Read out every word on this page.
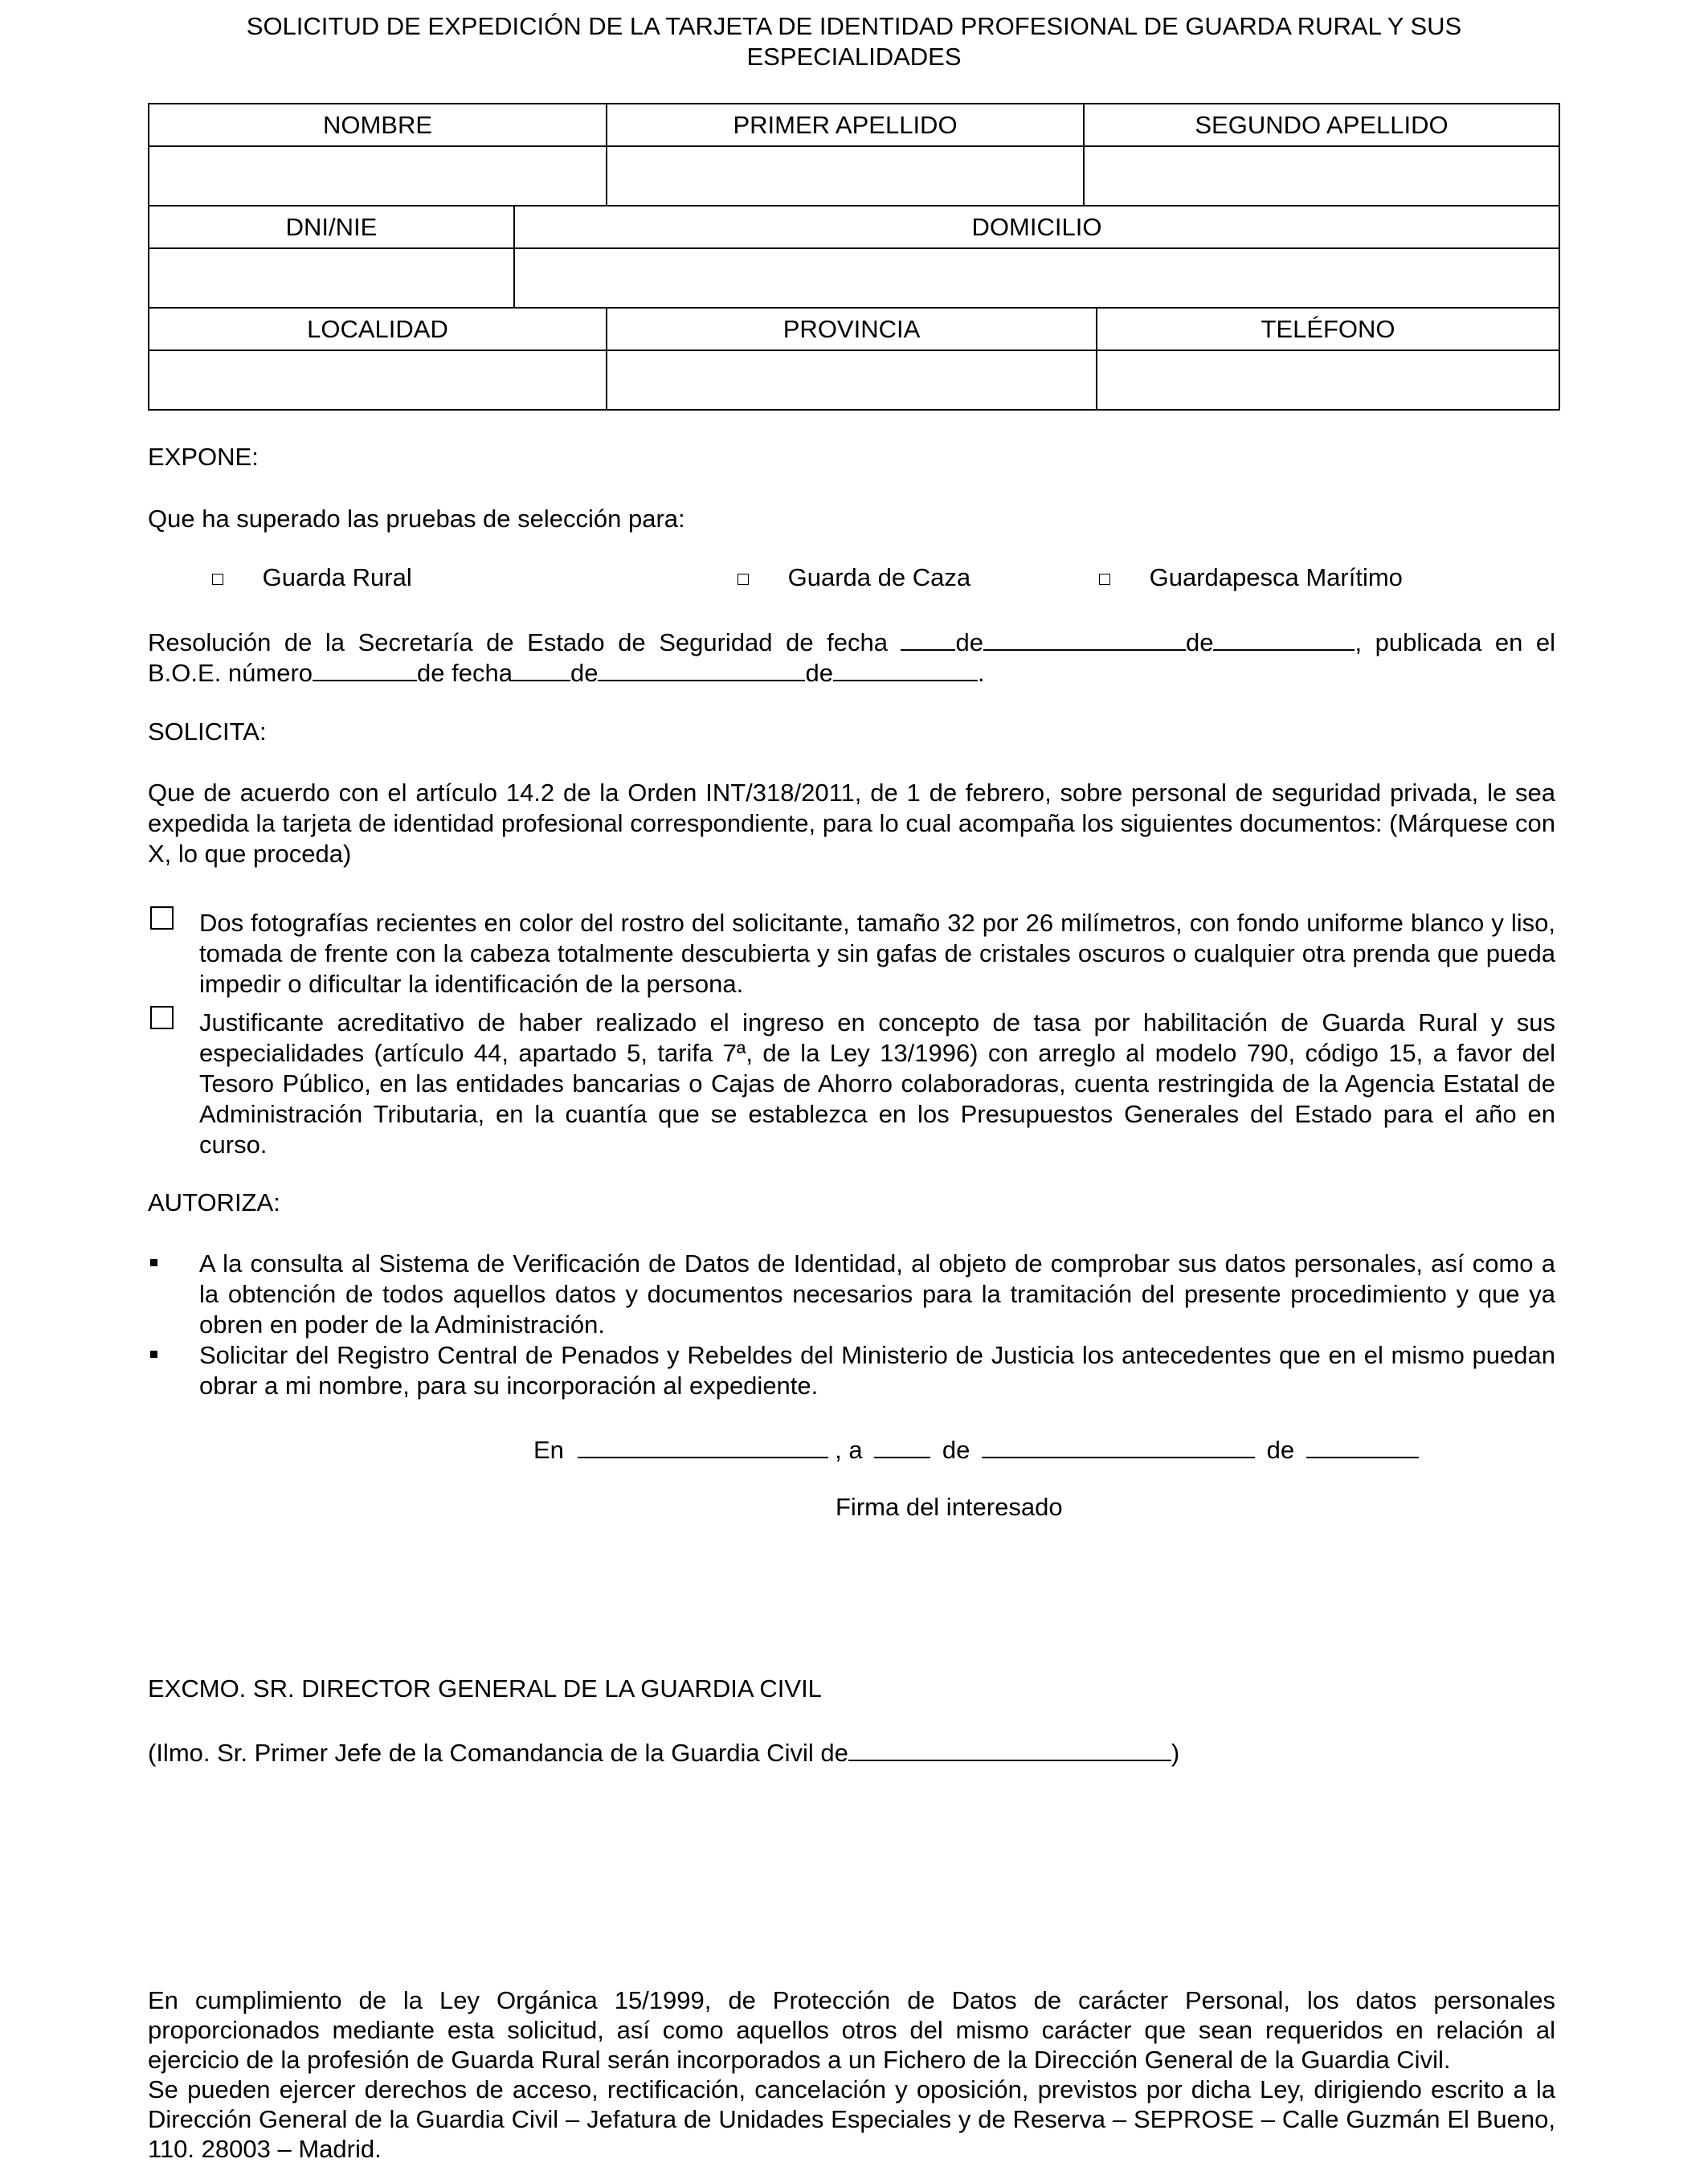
SOLICITUD DE EXPEDICIÓN DE LA TARJETA DE IDENTIDAD PROFESIONAL DE GUARDA RURAL Y SUS ESPECIALIDADES
NOMBRE		PRIMER APELLIDO	SEGUNDO APELLIDO	

DNI/NIE	DOMICILIO			

LOCALIDAD		PROVINCIA		TELÉFONO

EXPONE:
Que ha superado las pruebas de selección para:
Guarda Rural	Guarda de Caza	Guardapesca Marítimo
Resolución de la Secretaría de Estado de Seguridad de fecha	de	de	, publicada en el
B.O.E. número	de fecha de	de	.
SOLICITA:
Que de acuerdo con el artículo 14.2 de la Orden INT/318/2011, de 1 de febrero, sobre personal de seguridad privada, le sea expedida la tarjeta de identidad profesional correspondiente, para lo cual acompaña los siguientes documentos: (Márquese con X, lo que proceda)
Dos fotografías recientes en color del rostro del solicitante, tamaño 32 por 26 milímetros, con fondo uniforme blanco y liso, tomada de frente con la cabeza totalmente descubierta y sin gafas de cristales oscuros o cualquier otra prenda que pueda impedir o dificultar la identificación de la persona.
Justificante acreditativo de haber realizado el ingreso en concepto de tasa por habilitación de Guarda Rural y sus especialidades (artículo 44, apartado 5, tarifa 7ª, de la Ley 13/1996) con arreglo al modelo 790, código 15, a favor del Tesoro Público, en las entidades bancarias o Cajas de Ahorro colaboradoras, cuenta restringida de la Agencia Estatal de Administración Tributaria, en la cuantía que se establezca en los Presupuestos Generales del Estado para el año en curso.
AUTORIZA:
A la consulta al Sistema de Verificación de Datos de Identidad, al objeto de comprobar sus datos personales, así como a la obtención de todos aquellos datos y documentos necesarios para la tramitación del presente procedimiento y que ya obren en poder de la Administración.
Solicitar del Registro Central de Penados y Rebeldes del Ministerio de Justicia los antecedentes que en el mismo puedan obrar a mi nombre, para su incorporación al expediente.
En	, a	de	de
Firma del interesado
EXCMO. SR. DIRECTOR GENERAL DE LA GUARDIA CIVIL
(Ilmo. Sr. Primer Jefe de la Comandancia de la Guardia Civil de	)
En cumplimiento de la Ley Orgánica 15/1999, de Protección de Datos de carácter Personal, los datos personales proporcionados mediante esta solicitud, así como aquellos otros del mismo carácter que sean requeridos en relación al ejercicio de la profesión de Guarda Rural serán incorporados a un Fichero de la Dirección General de la Guardia Civil.
Se pueden ejercer derechos de acceso, rectificación, cancelación y oposición, previstos por dicha Ley, dirigiendo escrito a la Dirección General de la Guardia Civil – Jefatura de Unidades Especiales y de Reserva – SEPROSE – Calle Guzmán El Bueno, 110. 28003 – Madrid.
